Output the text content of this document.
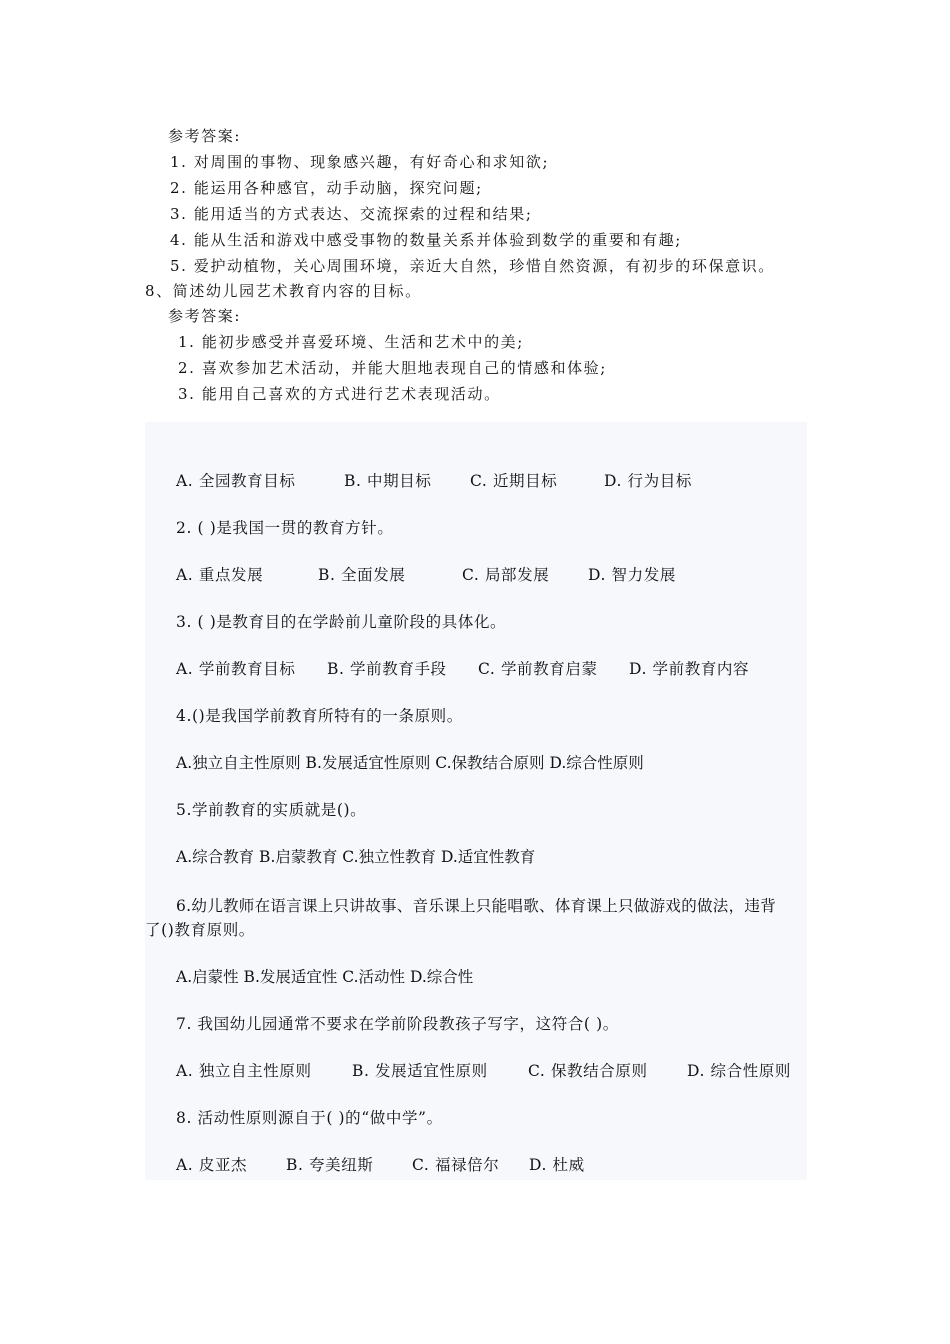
参考答案:
1. 对周围的事物、现象感兴趣，有好奇心和求知欲;
2. 能运用各种感官，动手动脑，探究问题;
3. 能用适当的方式表达、交流探索的过程和结果;
4. 能从生活和游戏中感受事物的数量关系并体验到数学的重要和有趣;
5. 爱护动植物，关心周围环境，亲近大自然，珍惜自然资源，有初步的环保意识。
8、简述幼儿园艺术教育内容的目标。
参考答案:
1. 能初步感受并喜爱环境、生活和艺术中的美;
2. 喜欢参加艺术活动，并能大胆地表现自己的情感和体验;
3. 能用自己喜欢的方式进行艺术表现活动。
A. 全园教育目标	B. 中期目标 C. 近期目标	D. 行为目标
2. ( )是我国一贯的教育方针。
A. 重点发展	B. 全面发展	C. 局部发展 D. 智力发展
3. ( )是教育目的在学龄前儿童阶段的具体化。
A. 学前教育目标 B. 学前教育手段 C. 学前教育启蒙 D. 学前教育内容
4.()是我国学前教育所特有的一条原则。
A.独立自主性原则 B.发展适宜性原则 C.保教结合原则 D.综合性原则
5.学前教育的实质就是()。
A.综合教育 B.启蒙教育 C.独立性教育 D.适宜性教育
6.幼儿教师在语言课上只讲故事、音乐课上只能唱歌、体育课上只做游戏的做法，违背
了()教育原则。
A.启蒙性 B.发展适宜性 C.活动性 D.综合性
7. 我国幼儿园通常不要求在学前阶段教孩子写字，这符合( )。
A. 独立自主性原则	B. 发展适宜性原则	C. 保教结合原则	D. 综合性原则
8. 活动性原则源自于( )的“做中学”。
A. 皮亚杰	B. 夸美纽斯 C. 福禄倍尔 D. 杜威
